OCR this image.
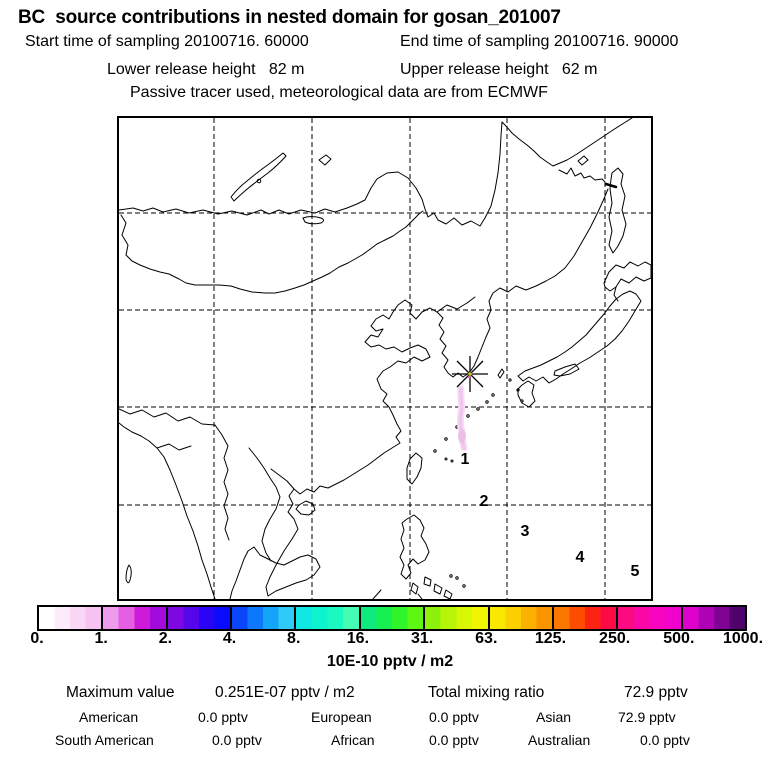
BC  source contributions in nested domain for gosan_201007
Start time of sampling 20100716. 60000	End time of sampling 20100716. 90000
Lower release height   82 m	Upper release height   62 m
Passive tracer used, meteorological data are from ECMWF
1
2
3
4
5
0.	1.	2.	4.	8.	16.	31.	63. 125. 250. 500. 1000.
10E-10 pptv / m2
Maximum value	0.251E-07 pptv / m2	Total mixing ratio	72.9 pptv
American	0.0 pptv	European	0.0 pptv	Asian	72.9 pptv
South American	0.0 pptv	African	0.0 pptv	Australian	0.0 pptv
